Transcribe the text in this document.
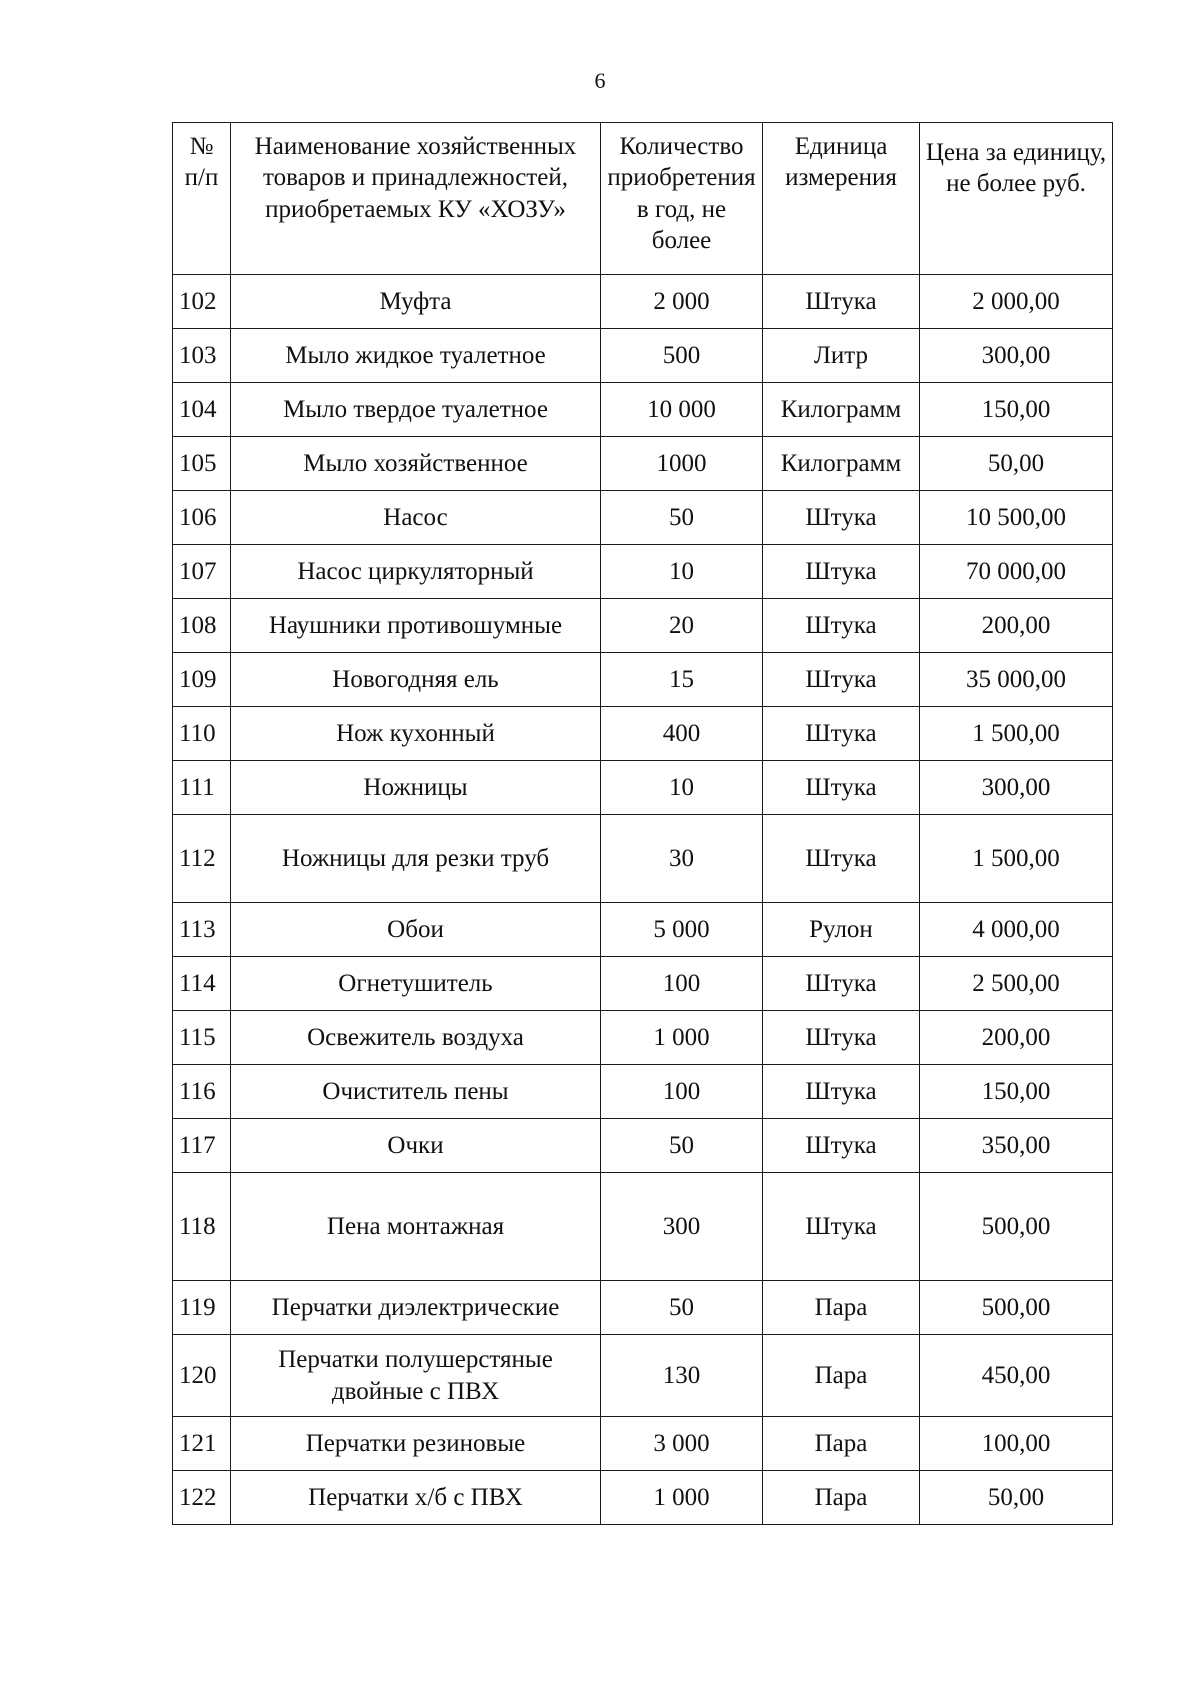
6
№ п/п	Наименование хозяйственных товаров и принадлежностей, приобретаемых КУ «ХОЗУ»	Количество приобретения в год, не более	Единица измерения	Цена за единицу, не более руб.
102	Муфта	2 000	Штука	2 000,00
103	Мыло жидкое туалетное	500	Литр	300,00
104	Мыло твердое туалетное	10 000	Килограмм	150,00
105	Мыло хозяйственное	1000	Килограмм	50,00
106	Насос	50	Штука	10 500,00
107	Насос циркуляторный	10	Штука	70 000,00
108	Наушники противошумные	20	Штука	200,00
109	Новогодняя ель	15	Штука	35 000,00
110	Нож кухонный	400	Штука	1 500,00
111	Ножницы	10	Штука	300,00
112	Ножницы для резки труб	30	Штука	1 500,00
113	Обои	5 000	Рулон	4 000,00
114	Огнетушитель	100	Штука	2 500,00
115	Освежитель воздуха	1 000	Штука	200,00
116	Очиститель пены	100	Штука	150,00
117	Очки	50	Штука	350,00
118	Пена монтажная	300	Штука	500,00
119	Перчатки диэлектрические	50	Пара	500,00
120	Перчатки полушерстяные двойные с ПВХ	130	Пара	450,00
121	Перчатки резиновые	3 000	Пара	100,00
122	Перчатки х/б с ПВХ	1 000	Пара	50,00
